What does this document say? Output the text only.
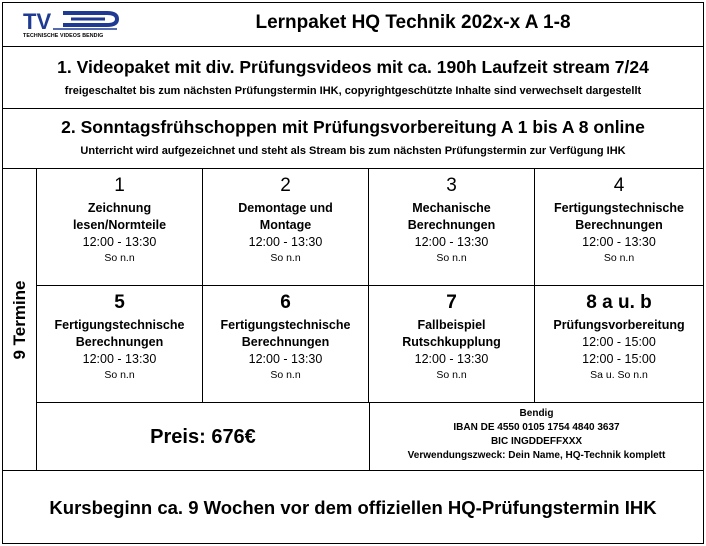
TV
TECHNISCHE VIDEOS BENDIG
Lernpaket HQ Technik 202x-x A 1-8
1. Videopaket mit div. Prüfungsvideos mit ca. 190h Laufzeit stream 7/24
freigeschaltet bis zum nächsten Prüfungstermin IHK, copyrightgeschützte Inhalte sind verwechselt dargestellt
2. Sonntagsfrühschoppen mit Prüfungsvorbereitung A 1 bis A 8 online
Unterricht wird aufgezeichnet und steht als Stream bis zum nächsten Prüfungstermin zur Verfügung IHK
9 Termine
1
Zeichnung
lesen/Normteile
12:00 - 13:30
So n.n
2
Demontage und
Montage
12:00 - 13:30
So n.n
3
Mechanische
Berechnungen
12:00 - 13:30
So n.n
4
Fertigungstechnische
Berechnungen
12:00 - 13:30
So n.n
5
Fertigungstechnische
Berechnungen
12:00 - 13:30
So n.n
6
Fertigungstechnische
Berechnungen
12:00 - 13:30
So n.n
7
Fallbeispiel
Rutschkupplung
12:00 - 13:30
So n.n
8 a u. b
Prüfungsvorbereitung
12:00 - 15:00
12:00 - 15:00
Sa u. So n.n
Preis: 676€
Bendig
IBAN DE 4550 0105 1754 4840 3637
BIC INGDDEFFXXX
Verwendungszweck: Dein Name, HQ-Technik komplett
Kursbeginn ca. 9 Wochen vor dem offiziellen HQ-Prüfungstermin IHK
